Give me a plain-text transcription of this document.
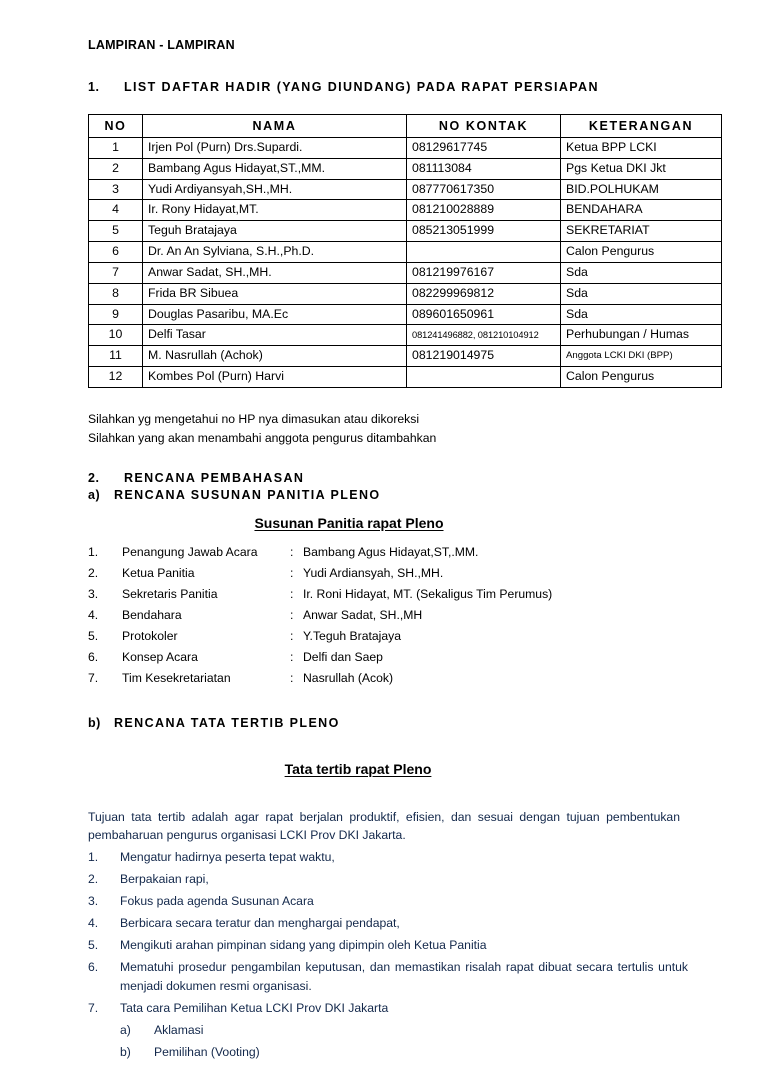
LAMPIRAN - LAMPIRAN
1.	LIST DAFTAR HADIR (YANG DIUNDANG) PADA RAPAT PERSIAPAN
NO	NAMA	NO KONTAK	KETERANGAN
1	Irjen Pol (Purn) Drs.Supardi.	08129617745	Ketua BPP LCKI
2	Bambang Agus Hidayat,ST.,MM.	081113084	Pgs Ketua DKI Jkt
3	Yudi Ardiyansyah,SH.,MH.	087770617350	BID.POLHUKAM
4	Ir. Rony Hidayat,MT.	081210028889	BENDAHARA
5	Teguh Bratajaya	085213051999	SEKRETARIAT
6	Dr. An An Sylviana, S.H.,Ph.D.		Calon Pengurus
7	Anwar Sadat, SH.,MH.	081219976167	Sda
8	Frida BR Sibuea	082299969812	Sda
9	Douglas Pasaribu, MA.Ec	089601650961	Sda
10	Delfi Tasar	081241496882, 081210104912	Perhubungan / Humas
11	M. Nasrullah (Achok)	081219014975	Anggota LCKI DKI (BPP)
12	Kombes Pol (Purn) Harvi		Calon Pengurus
Silahkan yg mengetahui no HP nya dimasukan atau dikoreksi
Silahkan yang akan menambahi anggota pengurus ditambahkan
2.	RENCANA PEMBAHASAN
a)	RENCANA SUSUNAN PANITIA PLENO
Susunan Panitia rapat Pleno
1.	Penangung Jawab Acara	: Bambang Agus Hidayat,ST,.MM.
2.	Ketua Panitia	: Yudi Ardiansyah, SH.,MH.
3.	Sekretaris Panitia	: Ir. Roni Hidayat, MT. (Sekaligus Tim Perumus)
4.	Bendahara	: Anwar Sadat, SH.,MH
5.	Protokoler	: Y.Teguh Bratajaya
6.	Konsep Acara	: Delfi dan Saep
7.	Tim Kesekretariatan	: Nasrullah (Acok)
b)	RENCANA TATA TERTIB PLENO
Tata tertib rapat Pleno

Tujuan tata tertib adalah agar rapat berjalan produktif, efisien, dan sesuai dengan tujuan pembentukan pembaharuan pengurus organisasi LCKI Prov DKI Jakarta.

1.	Mengatur hadirnya peserta tepat waktu,
2.	Berpakaian rapi,
3.	Fokus pada agenda Susunan Acara
4.	Berbicara secara teratur dan menghargai pendapat,
5.	Mengikuti arahan pimpinan sidang yang dipimpin oleh Ketua Panitia
6.	Mematuhi prosedur pengambilan keputusan, dan memastikan risalah rapat dibuat secara tertulis untuk menjadi dokumen resmi organisasi.
7.	Tata cara Pemilihan Ketua LCKI Prov DKI Jakarta
a)	Aklamasi
b)	Pemilihan (Vooting)
